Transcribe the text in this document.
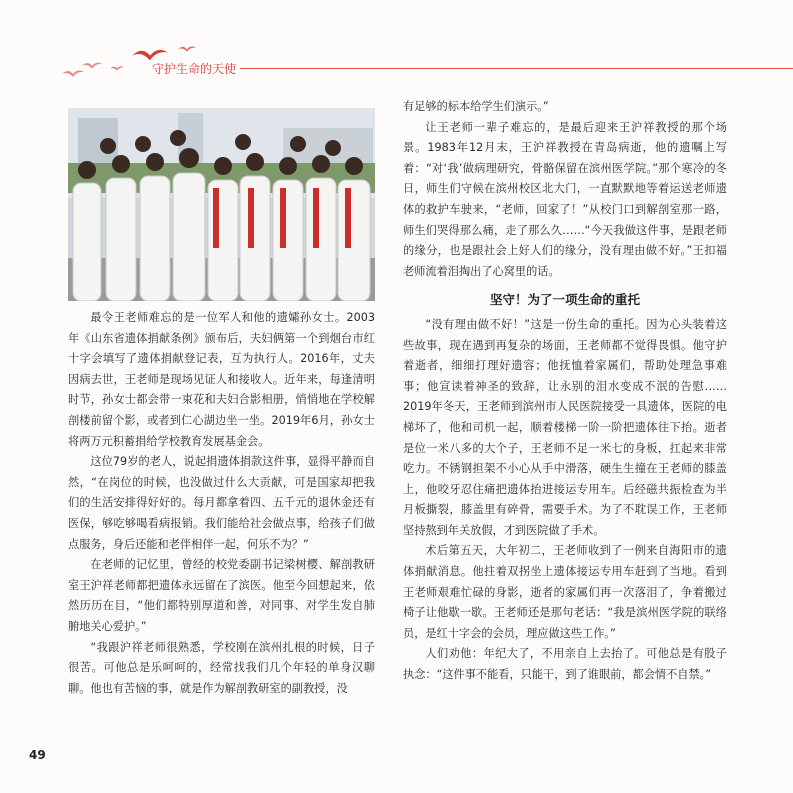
守护生命的天使

最令王老师难忘的是一位军人和他的遗孀孙女士。2003年《山东省遗体捐献条例》颁布后，夫妇俩第一个到烟台市红十字会填写了遗体捐献登记表，互为执行人。2016年，丈夫因病去世，王老师是现场见证人和接收人。近年来，每逢清明时节，孙女士都会带一束花和夫妇合影相册，悄悄地在学校解剖楼前留个影，或者到仁心湖边坐一坐。2019年6月，孙女士将两万元积蓄捐给学校教育发展基金会。

这位79岁的老人，说起捐遗体捐款这件事，显得平静而自然，“在岗位的时候，也没做过什么大贡献，可是国家却把我们的生活安排得好好的。每月都拿着四、五千元的退休金还有医保，够吃够喝看病报销。我们能给社会做点事，给孩子们做点服务，身后还能和老伴相伴一起，何乐不为？”

在老师的记忆里，曾经的校党委副书记梁树樱、解剖教研室王沪祥老师都把遗体永远留在了滨医。他至今回想起来，依然历历在目，“他们都特别厚道和善，对同事、对学生发自肺腑地关心爱护。”

“我跟沪祥老师很熟悉，学校刚在滨州扎根的时候，日子很苦。可他总是乐呵呵的，经常找我们几个年轻的单身汉聊聊。他也有苦恼的事，就是作为解剖教研室的副教授，没

有足够的标本给学生们演示。”

让王老师一辈子难忘的，是最后迎来王沪祥教授的那个场景。1983年12月末，王沪祥教授在青岛病逝，他的遗嘱上写着：“对‘我’做病理研究，骨骼保留在滨州医学院。”那个寒冷的冬日，师生们守候在滨州校区北大门，一直默默地等着运送老师遗体的救护车驶来，“老师，回家了！”从校门口到解剖室那一路，师生们哭得那么痛，走了那么久……“今天我做这件事，是跟老师的缘分，也是跟社会上好人们的缘分，没有理由做不好。”王扣福老师流着泪掏出了心窝里的话。

坚守！为了一项生命的重托

“没有理由做不好！”这是一份生命的重托。因为心头装着这些故事，现在遇到再复杂的场面，王老师都不觉得畏惧。他守护着逝者，细细打理好遗容；他抚恤着家属们，帮助处理急事难事；他宣读着神圣的致辞，让永别的泪水变成不泯的告慰……2019年冬天，王老师到滨州市人民医院接受一具遗体，医院的电梯坏了，他和司机一起，顺着楼梯一阶一阶把遗体往下抬。逝者是位一米八多的大个子，王老师不足一米七的身板，扛起来非常吃力。不锈钢担架不小心从手中滑落，硬生生撞在王老师的膝盖上，他咬牙忍住痛把遗体抬进接运专用车。后经磁共振检查为半月板撕裂，膝盖里有碎骨，需要手术。为了不耽误工作，王老师坚持熬到年关放假，才到医院做了手术。

术后第五天，大年初二，王老师收到了一例来自海阳市的遗体捐献消息。他拄着双拐坐上遗体接运专用车赶到了当地。看到王老师艰难忙碌的身影，逝者的家属们再一次落泪了，争着搬过椅子让他歇一歇。王老师还是那句老话：“我是滨州医学院的联络员，是红十字会的会员，理应做这些工作。”

人们劝他：年纪大了，不用亲自上去抬了。可他总是有股子执念：“这件事不能看，只能干，到了谁眼前，都会情不自禁。”

49
